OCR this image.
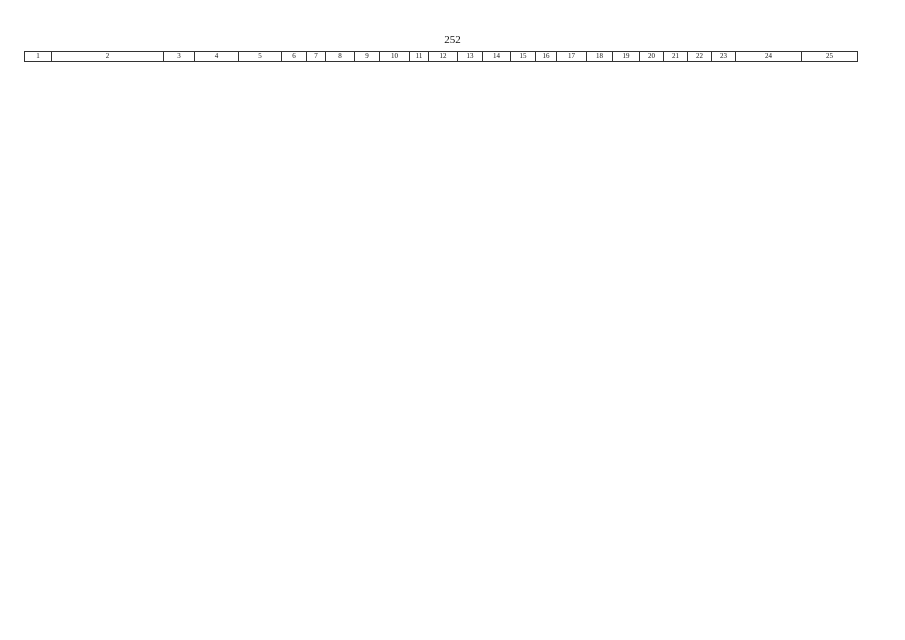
252
1	2	3	4	5	6	7	8	9	10	11	12	13	14	15	16	17	18	19	20	21	22	23	24	25
